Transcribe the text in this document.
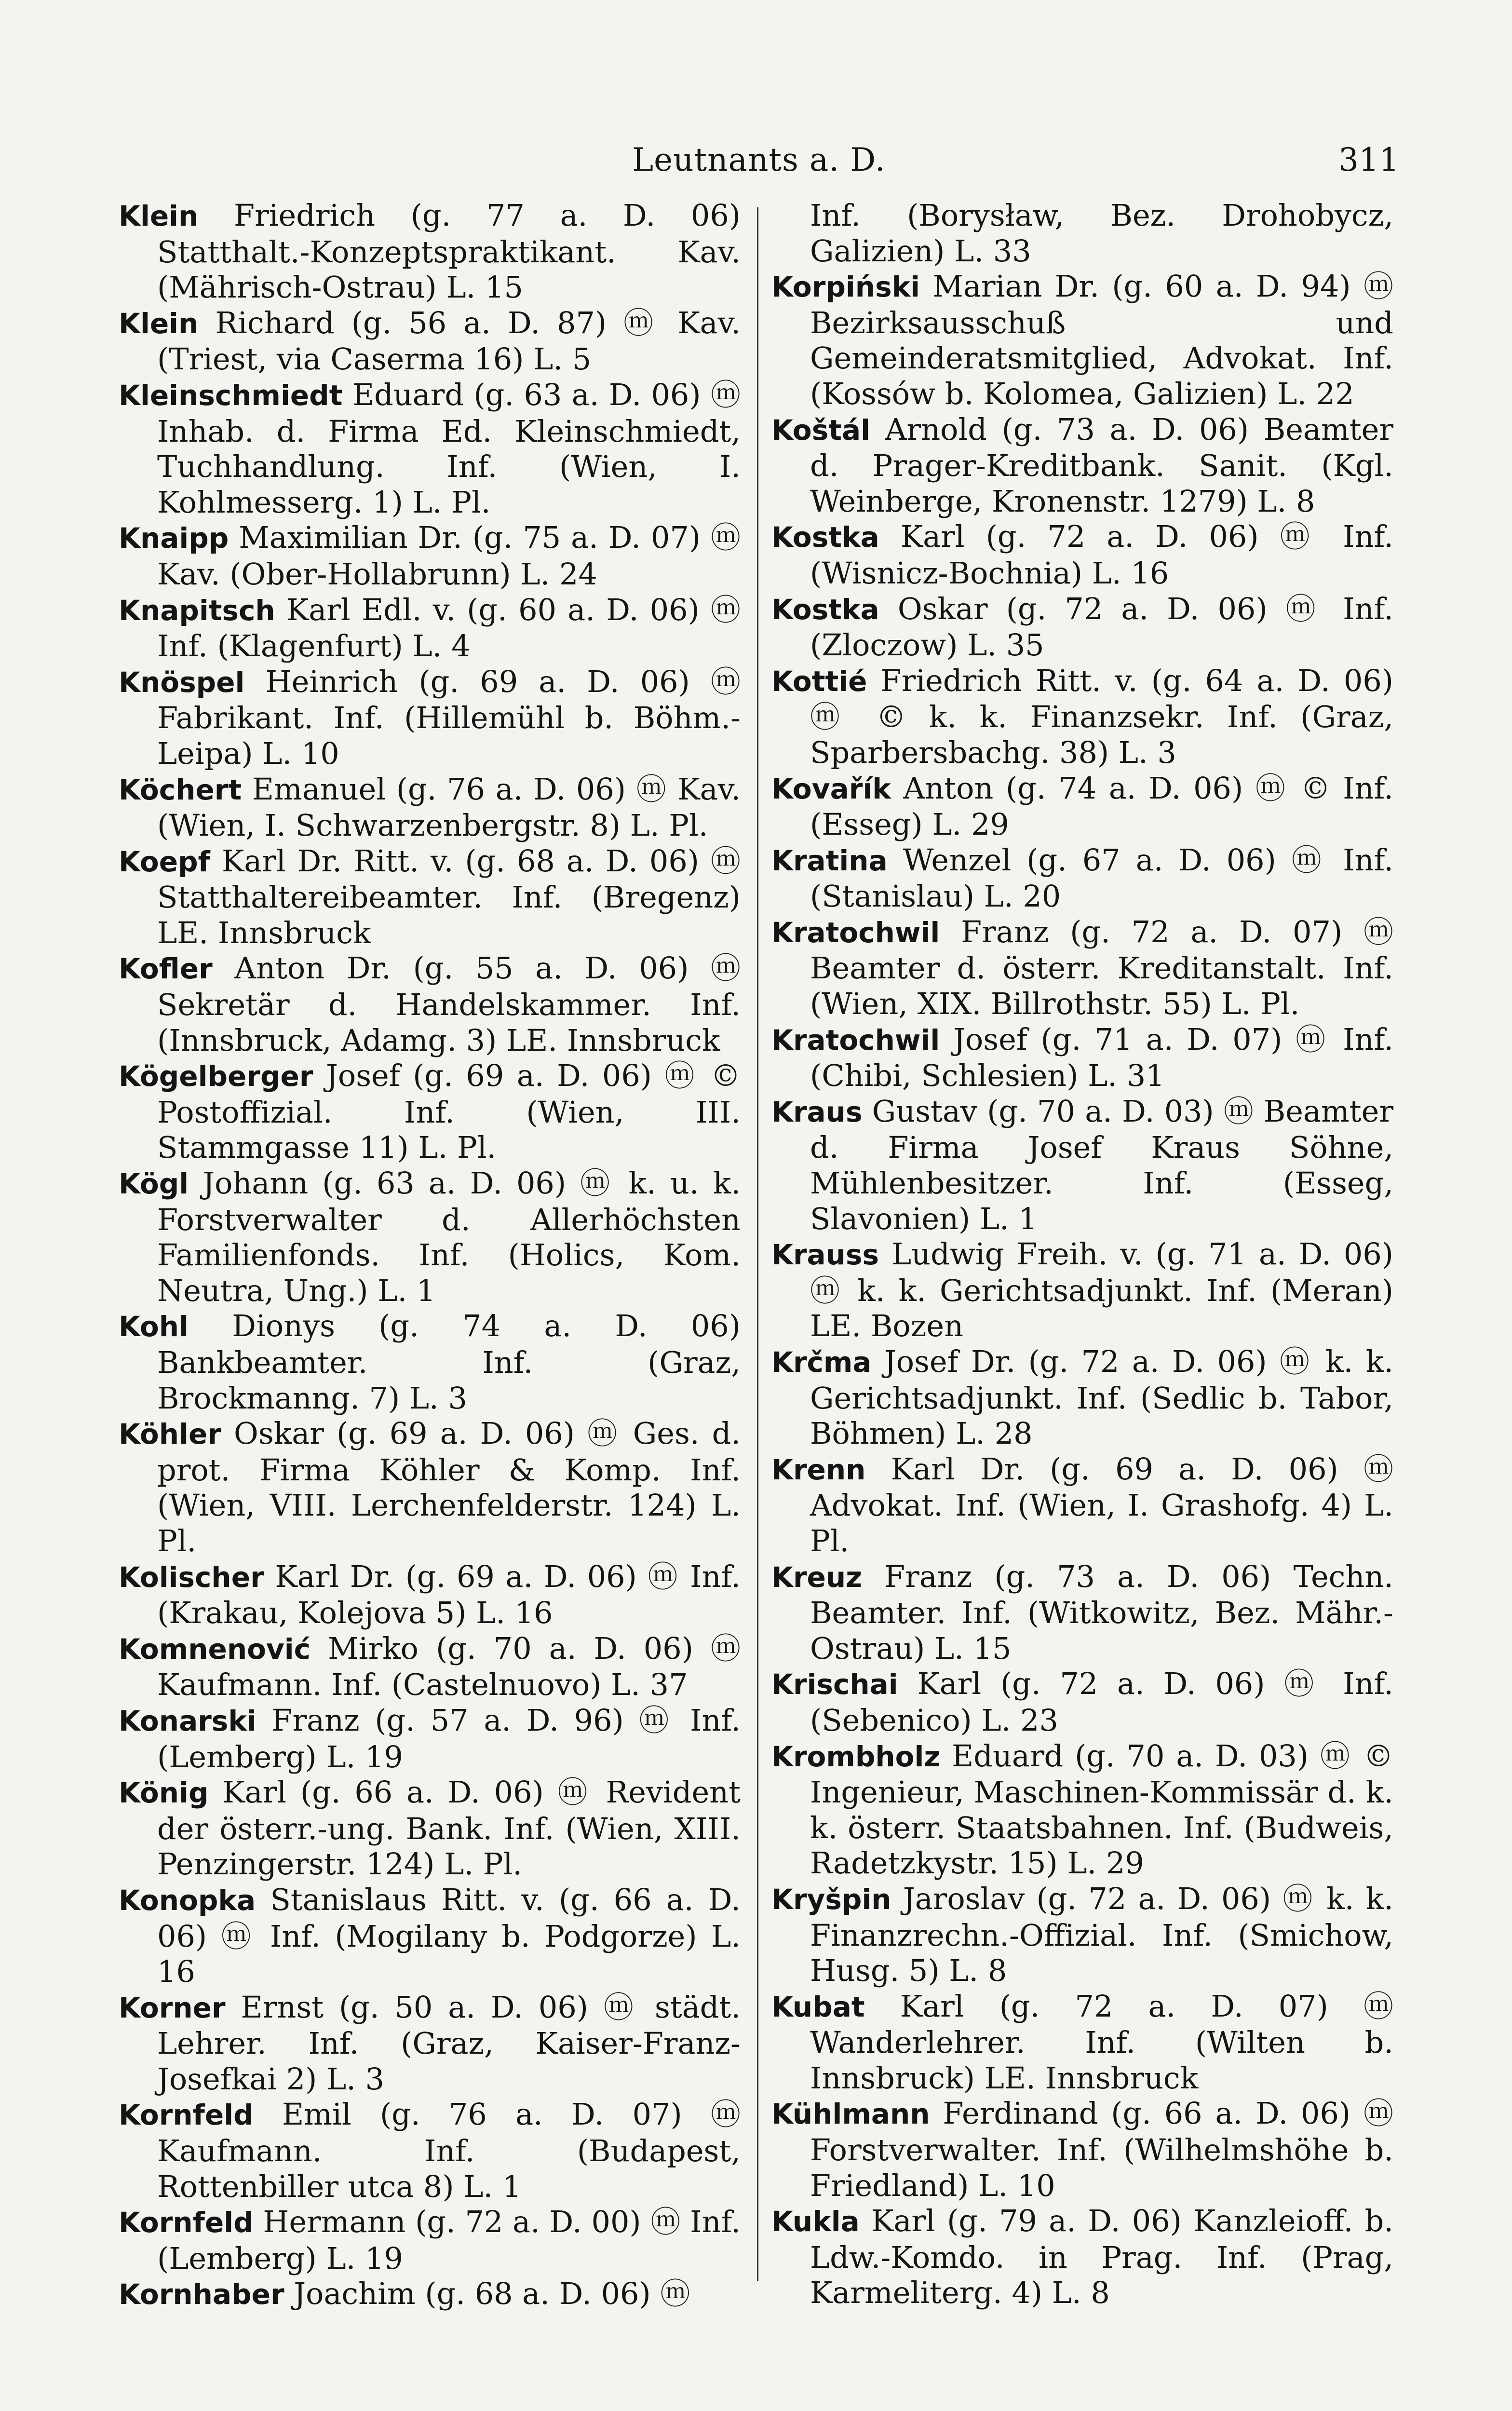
Leutnants a. D.	311
Klein Friedrich (g. 77 a. D. 06) Statthalt.-Konzeptspraktikant. Kav. (Mährisch-Ostrau) L. 15
Klein Richard (g. 56 a. D. 87) ⓜ Kav. (Triest, via Caserma 16) L. 5
Kleinschmiedt Eduard (g. 63 a. D. 06) ⓜ Inhab. d. Firma Ed. Kleinschmiedt, Tuchhandlung. Inf. (Wien, I. Kohlmesserg. 1) L. Pl.
Knaipp Maximilian Dr. (g. 75 a. D. 07) ⓜ Kav. (Ober-Hollabrunn) L. 24
Knapitsch Karl Edl. v. (g. 60 a. D. 06) ⓜ Inf. (Klagenfurt) L. 4
Knöspel Heinrich (g. 69 a. D. 06) ⓜ Fabrikant. Inf. (Hillemühl b. Böhm.-Leipa) L. 10
Köchert Emanuel (g. 76 a. D. 06) ⓜ Kav. (Wien, I. Schwarzenbergstr. 8) L. Pl.
Koepf Karl Dr. Ritt. v. (g. 68 a. D. 06) ⓜ Statthaltereibeamter. Inf. (Bregenz) LE. Innsbruck
Kofler Anton Dr. (g. 55 a. D. 06) ⓜ Sekretär d. Handelskammer. Inf. (Innsbruck, Adamg. 3) LE. Innsbruck
Kögelberger Josef (g. 69 a. D. 06) ⓜ © Postoffizial. Inf. (Wien, III. Stammgasse 11) L. Pl.
Kögl Johann (g. 63 a. D. 06) ⓜ k. u. k. Forstverwalter d. Allerhöchsten Familienfonds. Inf. (Holics, Kom. Neutra, Ung.) L. 1
Kohl Dionys (g. 74 a. D. 06) Bankbeamter. Inf. (Graz, Brockmanng. 7) L. 3
Köhler Oskar (g. 69 a. D. 06) ⓜ Ges. d. prot. Firma Köhler & Komp. Inf. (Wien, VIII. Lerchenfelderstr. 124) L. Pl.
Kolischer Karl Dr. (g. 69 a. D. 06) ⓜ Inf. (Krakau, Kolejova 5) L. 16
Komnenović Mirko (g. 70 a. D. 06) ⓜ Kaufmann. Inf. (Castelnuovo) L. 37
Konarski Franz (g. 57 a. D. 96) ⓜ Inf. (Lemberg) L. 19
König Karl (g. 66 a. D. 06) ⓜ Revident der österr.-ung. Bank. Inf. (Wien, XIII. Penzingerstr. 124) L. Pl.
Konopka Stanislaus Ritt. v. (g. 66 a. D. 06) ⓜ Inf. (Mogilany b. Podgorze) L. 16
Korner Ernst (g. 50 a. D. 06) ⓜ städt. Lehrer. Inf. (Graz, Kaiser-Franz-Josefkai 2) L. 3
Kornfeld Emil (g. 76 a. D. 07) ⓜ Kaufmann. Inf. (Budapest, Rottenbiller utca 8) L. 1
Kornfeld Hermann (g. 72 a. D. 00) ⓜ Inf. (Lemberg) L. 19
Kornhaber Joachim (g. 68 a. D. 06) ⓜ
Inf. (Borysław, Bez. Drohobycz, Galizien) L. 33
Korpiński Marian Dr. (g. 60 a. D. 94) ⓜ Bezirksausschuß und Gemeinderatsmitglied, Advokat. Inf. (Kossów b. Kolomea, Galizien) L. 22
Koštál Arnold (g. 73 a. D. 06) Beamter d. Prager-Kreditbank. Sanit. (Kgl. Weinberge, Kronenstr. 1279) L. 8
Kostka Karl (g. 72 a. D. 06) ⓜ Inf. (Wisnicz-Bochnia) L. 16
Kostka Oskar (g. 72 a. D. 06) ⓜ Inf. (Zloczow) L. 35
Kottié Friedrich Ritt. v. (g. 64 a. D. 06) ⓜ © k. k. Finanzsekr. Inf. (Graz, Sparbersbachg. 38) L. 3
Kovařík Anton (g. 74 a. D. 06) ⓜ © Inf. (Esseg) L. 29
Kratina Wenzel (g. 67 a. D. 06) ⓜ Inf. (Stanislau) L. 20
Kratochwil Franz (g. 72 a. D. 07) ⓜ Beamter d. österr. Kreditanstalt. Inf. (Wien, XIX. Billrothstr. 55) L. Pl.
Kratochwil Josef (g. 71 a. D. 07) ⓜ Inf. (Chibi, Schlesien) L. 31
Kraus Gustav (g. 70 a. D. 03) ⓜ Beamter d. Firma Josef Kraus Söhne, Mühlenbesitzer. Inf. (Esseg, Slavonien) L. 1
Krauss Ludwig Freih. v. (g. 71 a. D. 06) ⓜ k. k. Gerichtsadjunkt. Inf. (Meran) LE. Bozen
Krčma Josef Dr. (g. 72 a. D. 06) ⓜ k. k. Gerichtsadjunkt. Inf. (Sedlic b. Tabor, Böhmen) L. 28
Krenn Karl Dr. (g. 69 a. D. 06) ⓜ Advokat. Inf. (Wien, I. Grashofg. 4) L. Pl.
Kreuz Franz (g. 73 a. D. 06) Techn. Beamter. Inf. (Witkowitz, Bez. Mähr.-Ostrau) L. 15
Krischai Karl (g. 72 a. D. 06) ⓜ Inf. (Sebenico) L. 23
Krombholz Eduard (g. 70 a. D. 03) ⓜ © Ingenieur, Maschinen-Kommissär d. k. k. österr. Staatsbahnen. Inf. (Budweis, Radetzkystr. 15) L. 29
Kryšpin Jaroslav (g. 72 a. D. 06) ⓜ k. k. Finanzrechn.-Offizial. Inf. (Smichow, Husg. 5) L. 8
Kubat Karl (g. 72 a. D. 07) ⓜ Wanderlehrer. Inf. (Wilten b. Innsbruck) LE. Innsbruck
Kühlmann Ferdinand (g. 66 a. D. 06) ⓜ Forstverwalter. Inf. (Wilhelmshöhe b. Friedland) L. 10
Kukla Karl (g. 79 a. D. 06) Kanzleioff. b. Ldw.-Komdo. in Prag. Inf. (Prag, Karmeliterg. 4) L. 8
